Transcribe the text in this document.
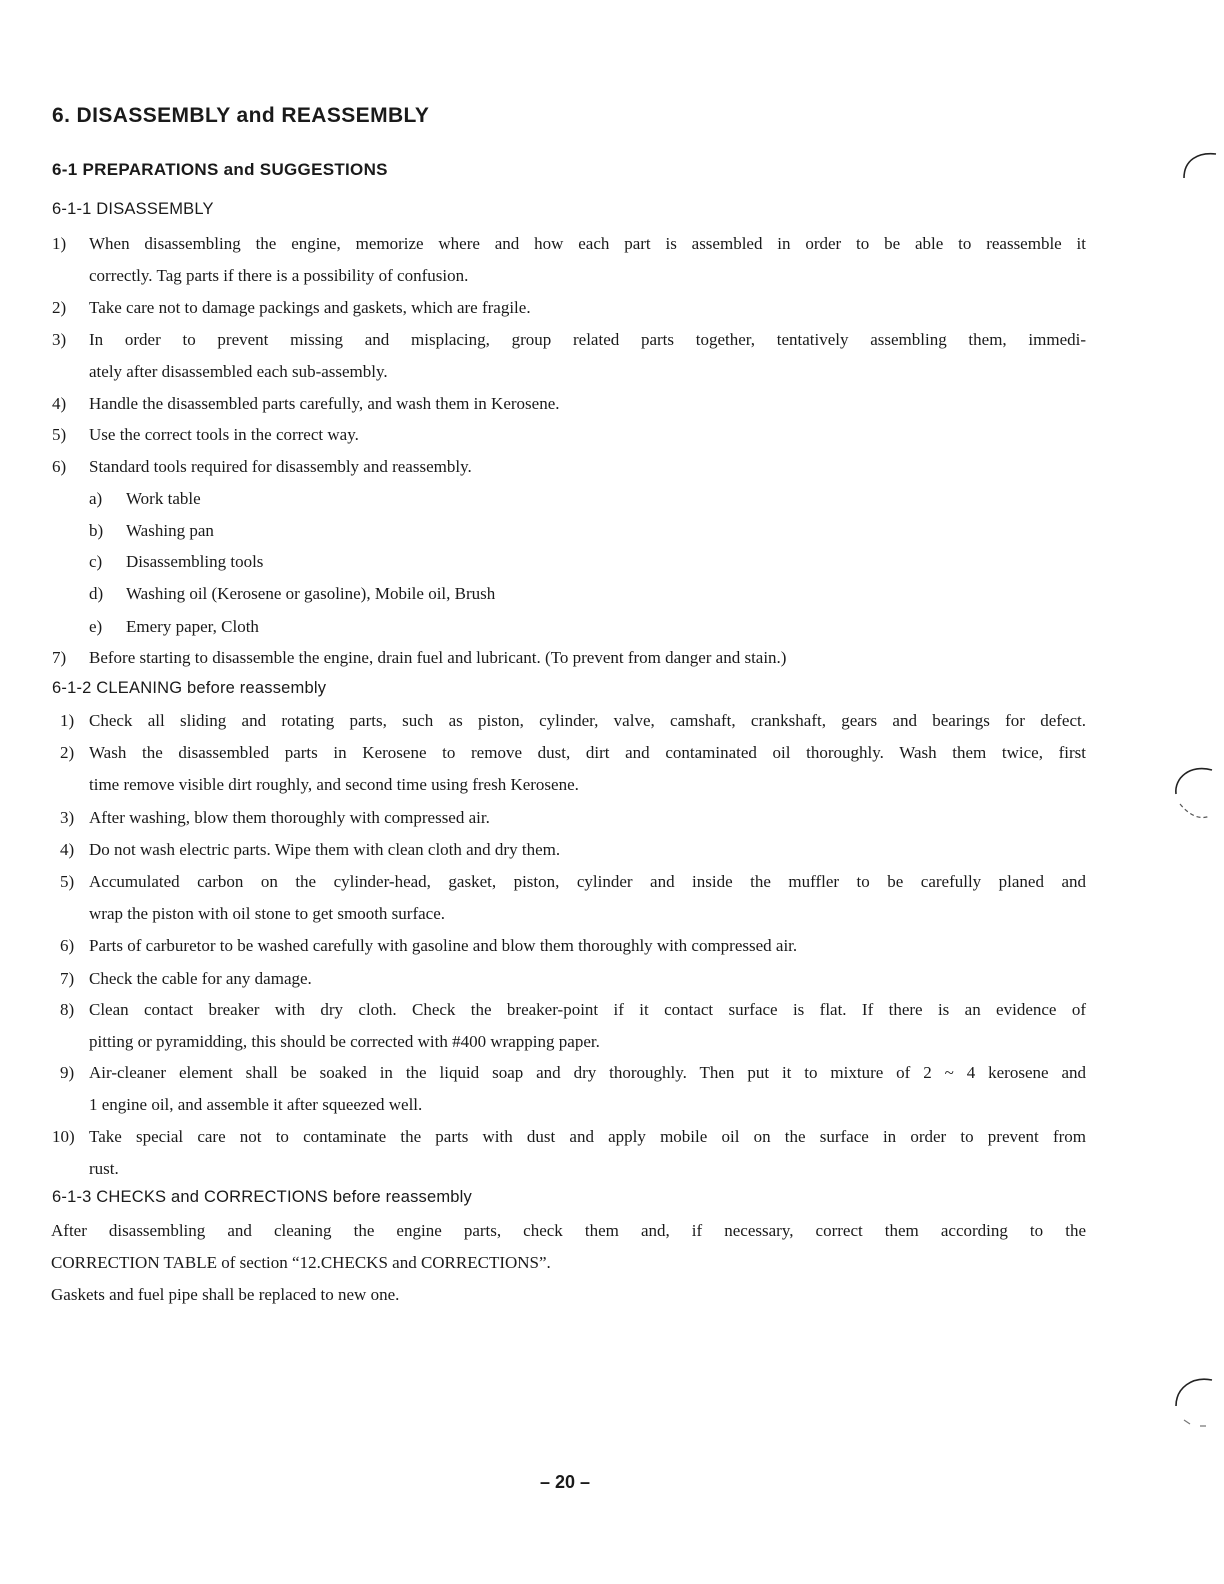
6. DISASSEMBLY and REASSEMBLY
6-1 PREPARATIONS and SUGGESTIONS
6-1-1 DISASSEMBLY
1) When disassembling the engine, memorize where and how each part is assembled in order to be able to reassemble it
correctly. Tag parts if there is a possibility of confusion.
2) Take care not to damage packings and gaskets, which are fragile.
3) In order to prevent missing and misplacing, group related parts together, tentatively assembling them, immedi-
ately after disassembled each sub-assembly.
4) Handle the disassembled parts carefully, and wash them in Kerosene.
5) Use the correct tools in the correct way.
6) Standard tools required for disassembly and reassembly.
a) Work table
b) Washing pan
c) Disassembling tools
d) Washing oil (Kerosene or gasoline), Mobile oil, Brush
e) Emery paper, Cloth
7) Before starting to disassemble the engine, drain fuel and lubricant. (To prevent from danger and stain.)
6-1-2 CLEANING before reassembly
1) Check all sliding and rotating parts, such as piston, cylinder, valve, camshaft, crankshaft, gears and bearings for defect.
2) Wash the disassembled parts in Kerosene to remove dust, dirt and contaminated oil thoroughly. Wash them twice, first
time remove visible dirt roughly, and second time using fresh Kerosene.
3) After washing, blow them thoroughly with compressed air.
4) Do not wash electric parts. Wipe them with clean cloth and dry them.
5) Accumulated carbon on the cylinder-head, gasket, piston, cylinder and inside the muffler to be carefully planed and
wrap the piston with oil stone to get smooth surface.
6) Parts of carburetor to be washed carefully with gasoline and blow them thoroughly with compressed air.
7) Check the cable for any damage.
8) Clean contact breaker with dry cloth. Check the breaker-point if it contact surface is flat. If there is an evidence of
pitting or pyramidding, this should be corrected with #400 wrapping paper.
9) Air-cleaner element shall be soaked in the liquid soap and dry thoroughly. Then put it to mixture of 2 ~ 4 kerosene and
1 engine oil, and assemble it after squeezed well.
10) Take special care not to contaminate the parts with dust and apply mobile oil on the surface in order to prevent from
rust.
6-1-3 CHECKS and CORRECTIONS before reassembly
After disassembling and cleaning the engine parts, check them and, if necessary, correct them according to the
CORRECTION TABLE of section “12.CHECKS and CORRECTIONS”.
Gaskets and fuel pipe shall be replaced to new one.
– 20 –
